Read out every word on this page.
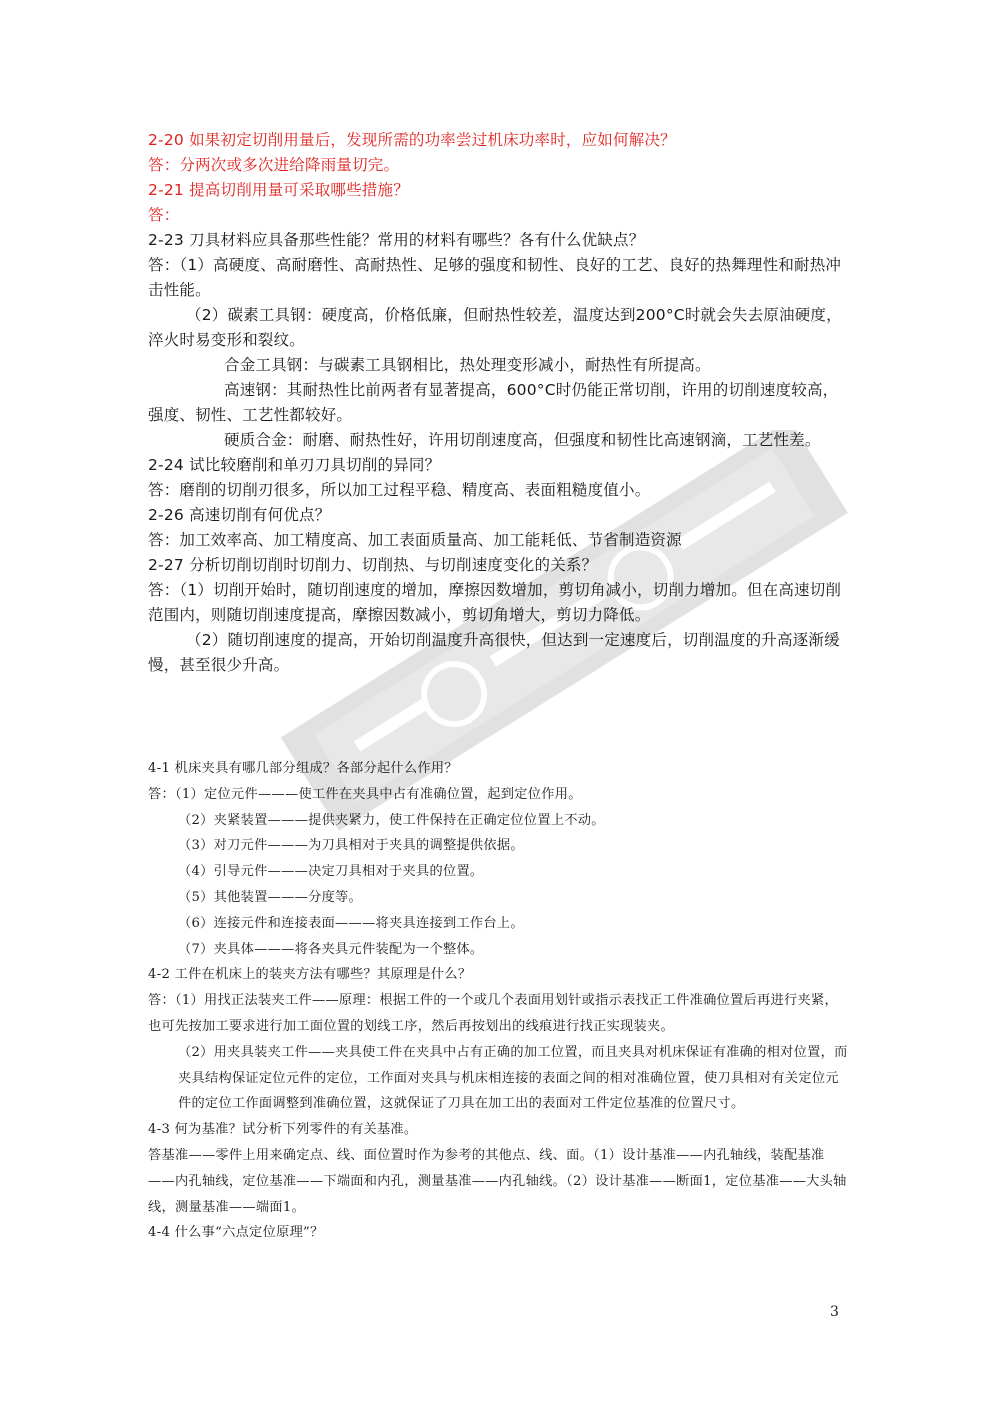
2-20 如果初定切削用量后，发现所需的功率尝过机床功率时，应如何解决？

答：分两次或多次进给降雨量切完。

2-21 提高切削用量可采取哪些措施？

答：

2-23 刀具材料应具备那些性能？常用的材料有哪些？各有什么优缺点？

答：（1）高硬度、高耐磨性、高耐热性、足够的强度和韧性、良好的工艺、良好的热舞理性和耐热冲击性能。

（2）碳素工具钢：硬度高，价格低廉，但耐热性较差，温度达到200°C时就会失去原油硬度，淬火时易变形和裂纹。

合金工具钢：与碳素工具钢相比，热处理变形减小，耐热性有所提高。

高速钢：其耐热性比前两者有显著提高，600°C时仍能正常切削，许用的切削速度较高，强度、韧性、工艺性都较好。

硬质合金：耐磨、耐热性好，许用切削速度高，但强度和韧性比高速钢滴，工艺性差。

2-24 试比较磨削和单刃刀具切削的异同？

答：磨削的切削刃很多，所以加工过程平稳、精度高、表面粗糙度值小。

2-26 高速切削有何优点？

答：加工效率高、加工精度高、加工表面质量高、加工能耗低、节省制造资源

2-27 分析切削切削时切削力、切削热、与切削速度变化的关系？

答：（1）切削开始时，随切削速度的增加，摩擦因数增加，剪切角减小，切削力增加。但在高速切削范围内，则随切削速度提高，摩擦因数减小，剪切角增大，剪切力降低。

（2）随切削速度的提高，开始切削温度升高很快，但达到一定速度后，切削温度的升高逐渐缓慢，甚至很少升高。

4-1 机床夹具有哪几部分组成？各部分起什么作用？

答：（1）定位元件———使工件在夹具中占有准确位置，起到定位作用。

（2）夹紧装置———提供夹紧力，使工件保持在正确定位位置上不动。

（3）对刀元件———为刀具相对于夹具的调整提供依据。

（4）引导元件———决定刀具相对于夹具的位置。

（5）其他装置———分度等。

（6）连接元件和连接表面———将夹具连接到工作台上。

（7）夹具体———将各夹具元件装配为一个整体。

4-2 工件在机床上的装夹方法有哪些？其原理是什么？

答：（1）用找正法装夹工件——原理：根据工件的一个或几个表面用划针或指示表找正工件准确位置后再进行夹紧，也可先按加工要求进行加工面位置的划线工序，然后再按划出的线痕进行找正实现装夹。

（2）用夹具装夹工件——夹具使工件在夹具中占有正确的加工位置，而且夹具对机床保证有准确的相对位置，而夹具结构保证定位元件的定位，工作面对夹具与机床相连接的表面之间的相对准确位置，使刀具相对有关定位元件的定位工作面调整到准确位置，这就保证了刀具在加工出的表面对工件定位基准的位置尺寸。

4-3 何为基准？试分析下列零件的有关基准。

答基准——零件上用来确定点、线、面位置时作为参考的其他点、线、面。（1）设计基准——内孔轴线，装配基准——内孔轴线，定位基准——下端面和内孔，测量基准——内孔轴线。（2）设计基准——断面1，定位基准——大头轴线，测量基准——端面1。

4-4 什么事“六点定位原理”？

3
